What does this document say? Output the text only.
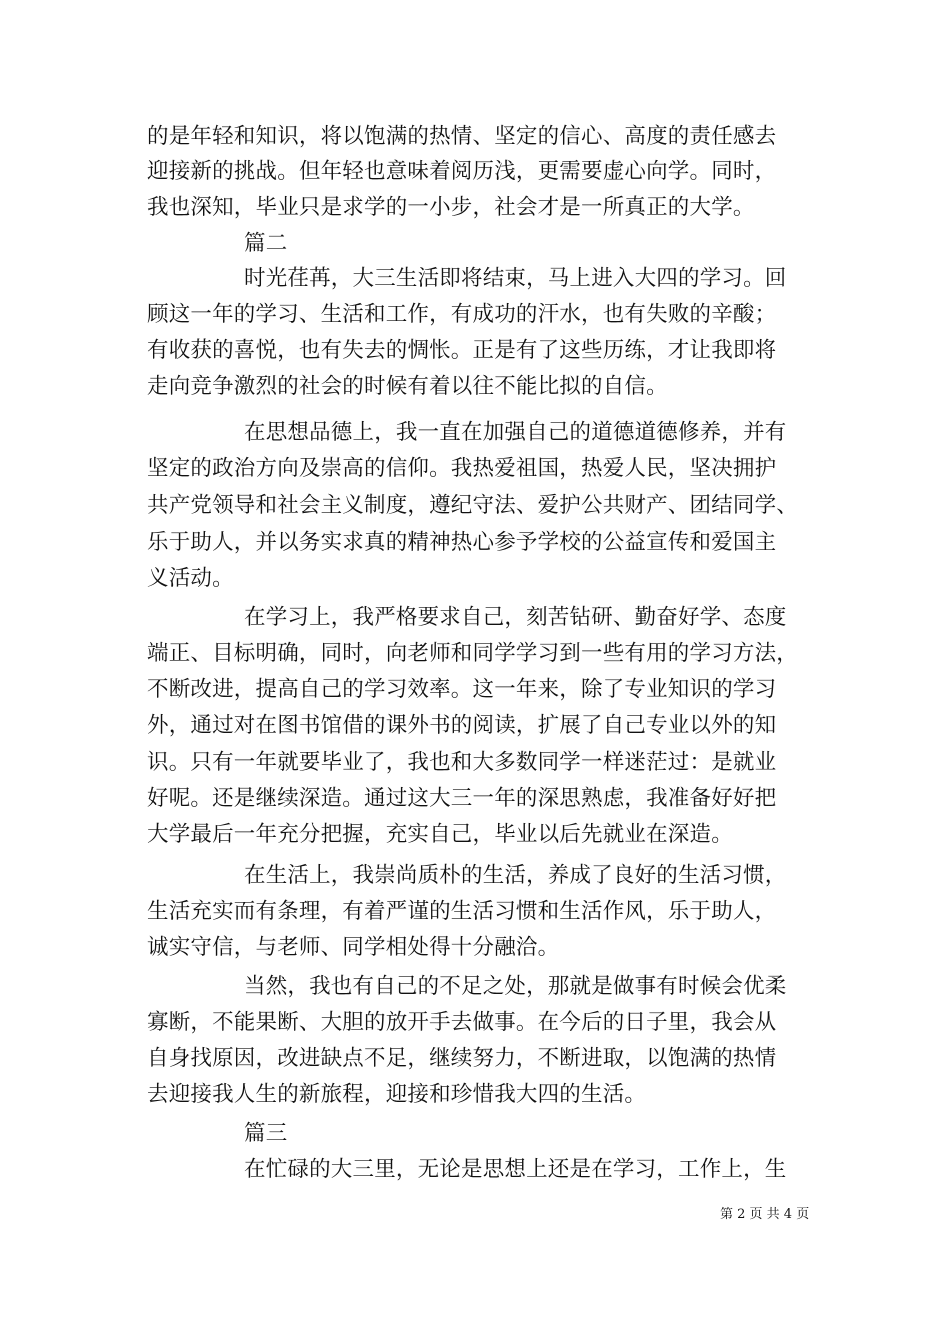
的是年轻和知识，将以饱满的热情、坚定的信心、高度的责任感去
迎接新的挑战。但年轻也意味着阅历浅，更需要虚心向学。同时，
我也深知，毕业只是求学的一小步，社会才是一所真正的大学。
篇二
时光荏苒，大三生活即将结束，马上进入大四的学习。回
顾这一年的学习、生活和工作，有成功的汗水，也有失败的辛酸；
有收获的喜悦，也有失去的惆怅。正是有了这些历练，才让我即将
走向竞争激烈的社会的时候有着以往不能比拟的自信。
在思想品德上，我一直在加强自己的道德道德修养，并有
坚定的政治方向及崇高的信仰。我热爱祖国，热爱人民，坚决拥护
共产党领导和社会主义制度，遵纪守法、爱护公共财产、团结同学、
乐于助人，并以务实求真的精神热心参予学校的公益宣传和爱国主
义活动。
在学习上，我严格要求自己，刻苦钻研、勤奋好学、态度
端正、目标明确，同时，向老师和同学学习到一些有用的学习方法，
不断改进，提高自己的学习效率。这一年来，除了专业知识的学习
外，通过对在图书馆借的课外书的阅读，扩展了自己专业以外的知
识。只有一年就要毕业了，我也和大多数同学一样迷茫过：是就业
好呢。还是继续深造。通过这大三一年的深思熟虑，我准备好好把
大学最后一年充分把握，充实自己，毕业以后先就业在深造。
在生活上，我崇尚质朴的生活，养成了良好的生活习惯，
生活充实而有条理，有着严谨的生活习惯和生活作风，乐于助人，
诚实守信，与老师、同学相处得十分融洽。
当然，我也有自己的不足之处，那就是做事有时候会优柔
寡断，不能果断、大胆的放开手去做事。在今后的日子里，我会从
自身找原因，改进缺点不足，继续努力，不断进取，以饱满的热情
去迎接我人生的新旅程，迎接和珍惜我大四的生活。
篇三
在忙碌的大三里，无论是思想上还是在学习，工作上，生
第 2 页 共 4 页
